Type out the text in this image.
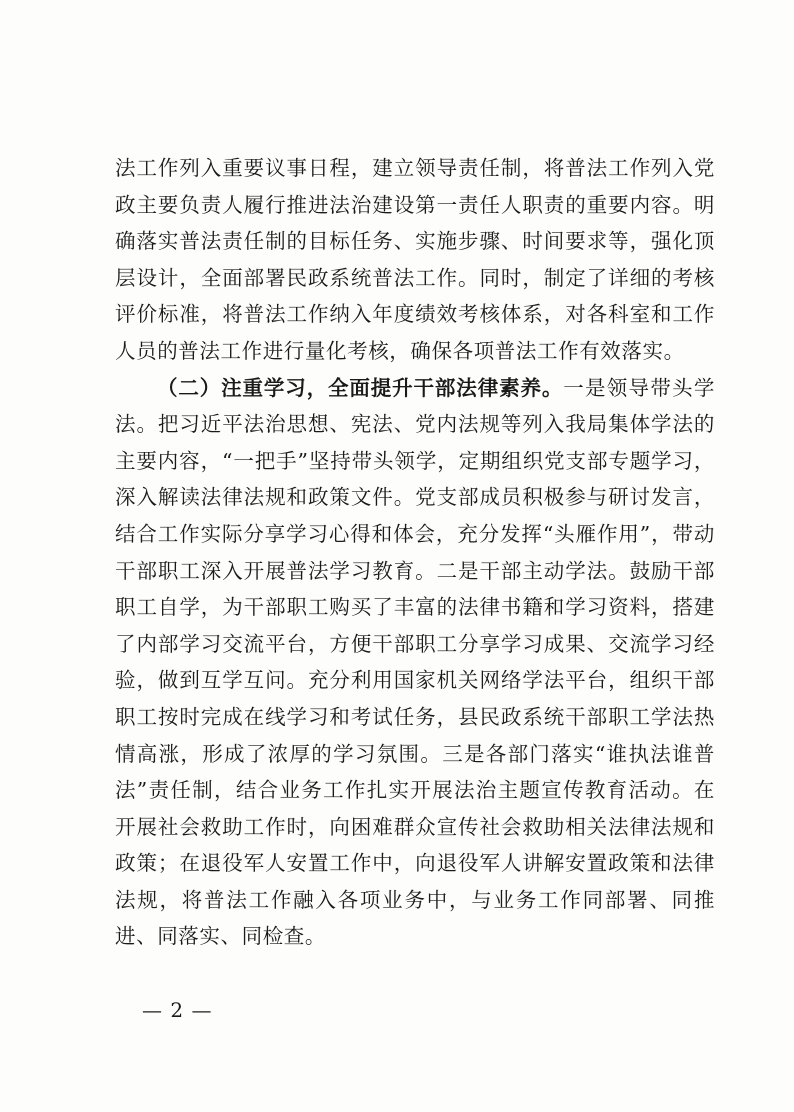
法工作列入重要议事日程，建立领导责任制，将普法工作列入党政主要负责人履行推进法治建设第一责任人职责的重要内容。明确落实普法责任制的目标任务、实施步骤、时间要求等，强化顶层设计，全面部署民政系统普法工作。同时，制定了详细的考核评价标准，将普法工作纳入年度绩效考核体系，对各科室和工作人员的普法工作进行量化考核，确保各项普法工作有效落实。

（二）注重学习，全面提升干部法律素养。一是领导带头学法。把习近平法治思想、宪法、党内法规等列入我局集体学法的主要内容，“一把手”坚持带头领学，定期组织党支部专题学习，深入解读法律法规和政策文件。党支部成员积极参与研讨发言，结合工作实际分享学习心得和体会，充分发挥“头雁作用”，带动干部职工深入开展普法学习教育。二是干部主动学法。鼓励干部职工自学，为干部职工购买了丰富的法律书籍和学习资料，搭建了内部学习交流平台，方便干部职工分享学习成果、交流学习经验，做到互学互问。充分利用国家机关网络学法平台，组织干部职工按时完成在线学习和考试任务，县民政系统干部职工学法热情高涨，形成了浓厚的学习氛围。三是各部门落实“谁执法谁普法”责任制，结合业务工作扎实开展法治主题宣传教育活动。在开展社会救助工作时，向困难群众宣传社会救助相关法律法规和政策；在退役军人安置工作中，向退役军人讲解安置政策和法律法规，将普法工作融入各项业务中，与业务工作同部署、同推进、同落实、同检查。

— 2 —
